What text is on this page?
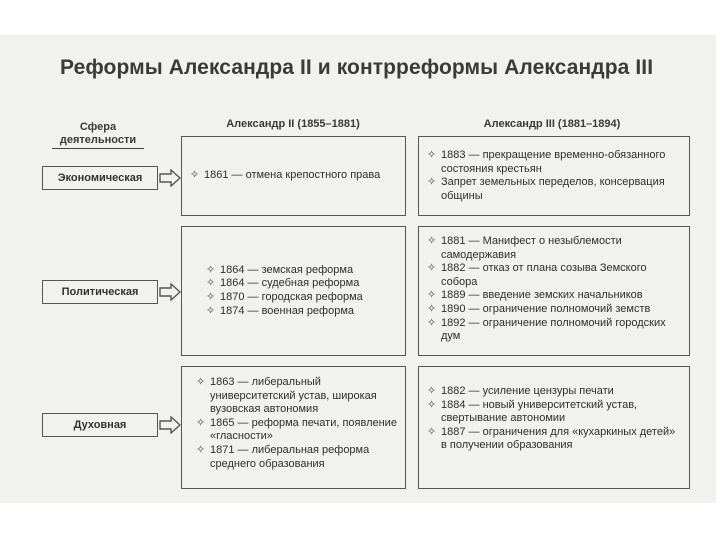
Реформы Александра II и контрреформы Александра III
Сфера деятельности
Александр II (1855–1881)	Александр III (1881–1894)
Экономическая	✧ 1861 — отмена крепостного права
✧ 1883 — прекращение временно-обязанного состояния крестьян
✧ Запрет земельных переделов, консервация общины
Политическая
✧ 1864 — земская реформа
✧ 1864 — судебная реформа
✧ 1870 — городская реформа
✧ 1874 — военная реформа
✧ 1881 — Манифест о незыблемости самодержавия
✧ 1882 — отказ от плана созыва Земского собора
✧ 1889 — введение земских начальников
✧ 1890 — ограничение полномочий земств
✧ 1892 — ограничение полномочий городских дум
Духовная
✧ 1863 — либеральный университетский устав, широкая вузовская автономия
✧ 1865 — реформа печати, появление «гласности»
✧ 1871 — либеральная реформа среднего образования
✧ 1882 — усиление цензуры печати
✧ 1884 — новый университетский устав, свертывание автономии
✧ 1887 — ограничения для «кухаркиных детей» в получении образования
